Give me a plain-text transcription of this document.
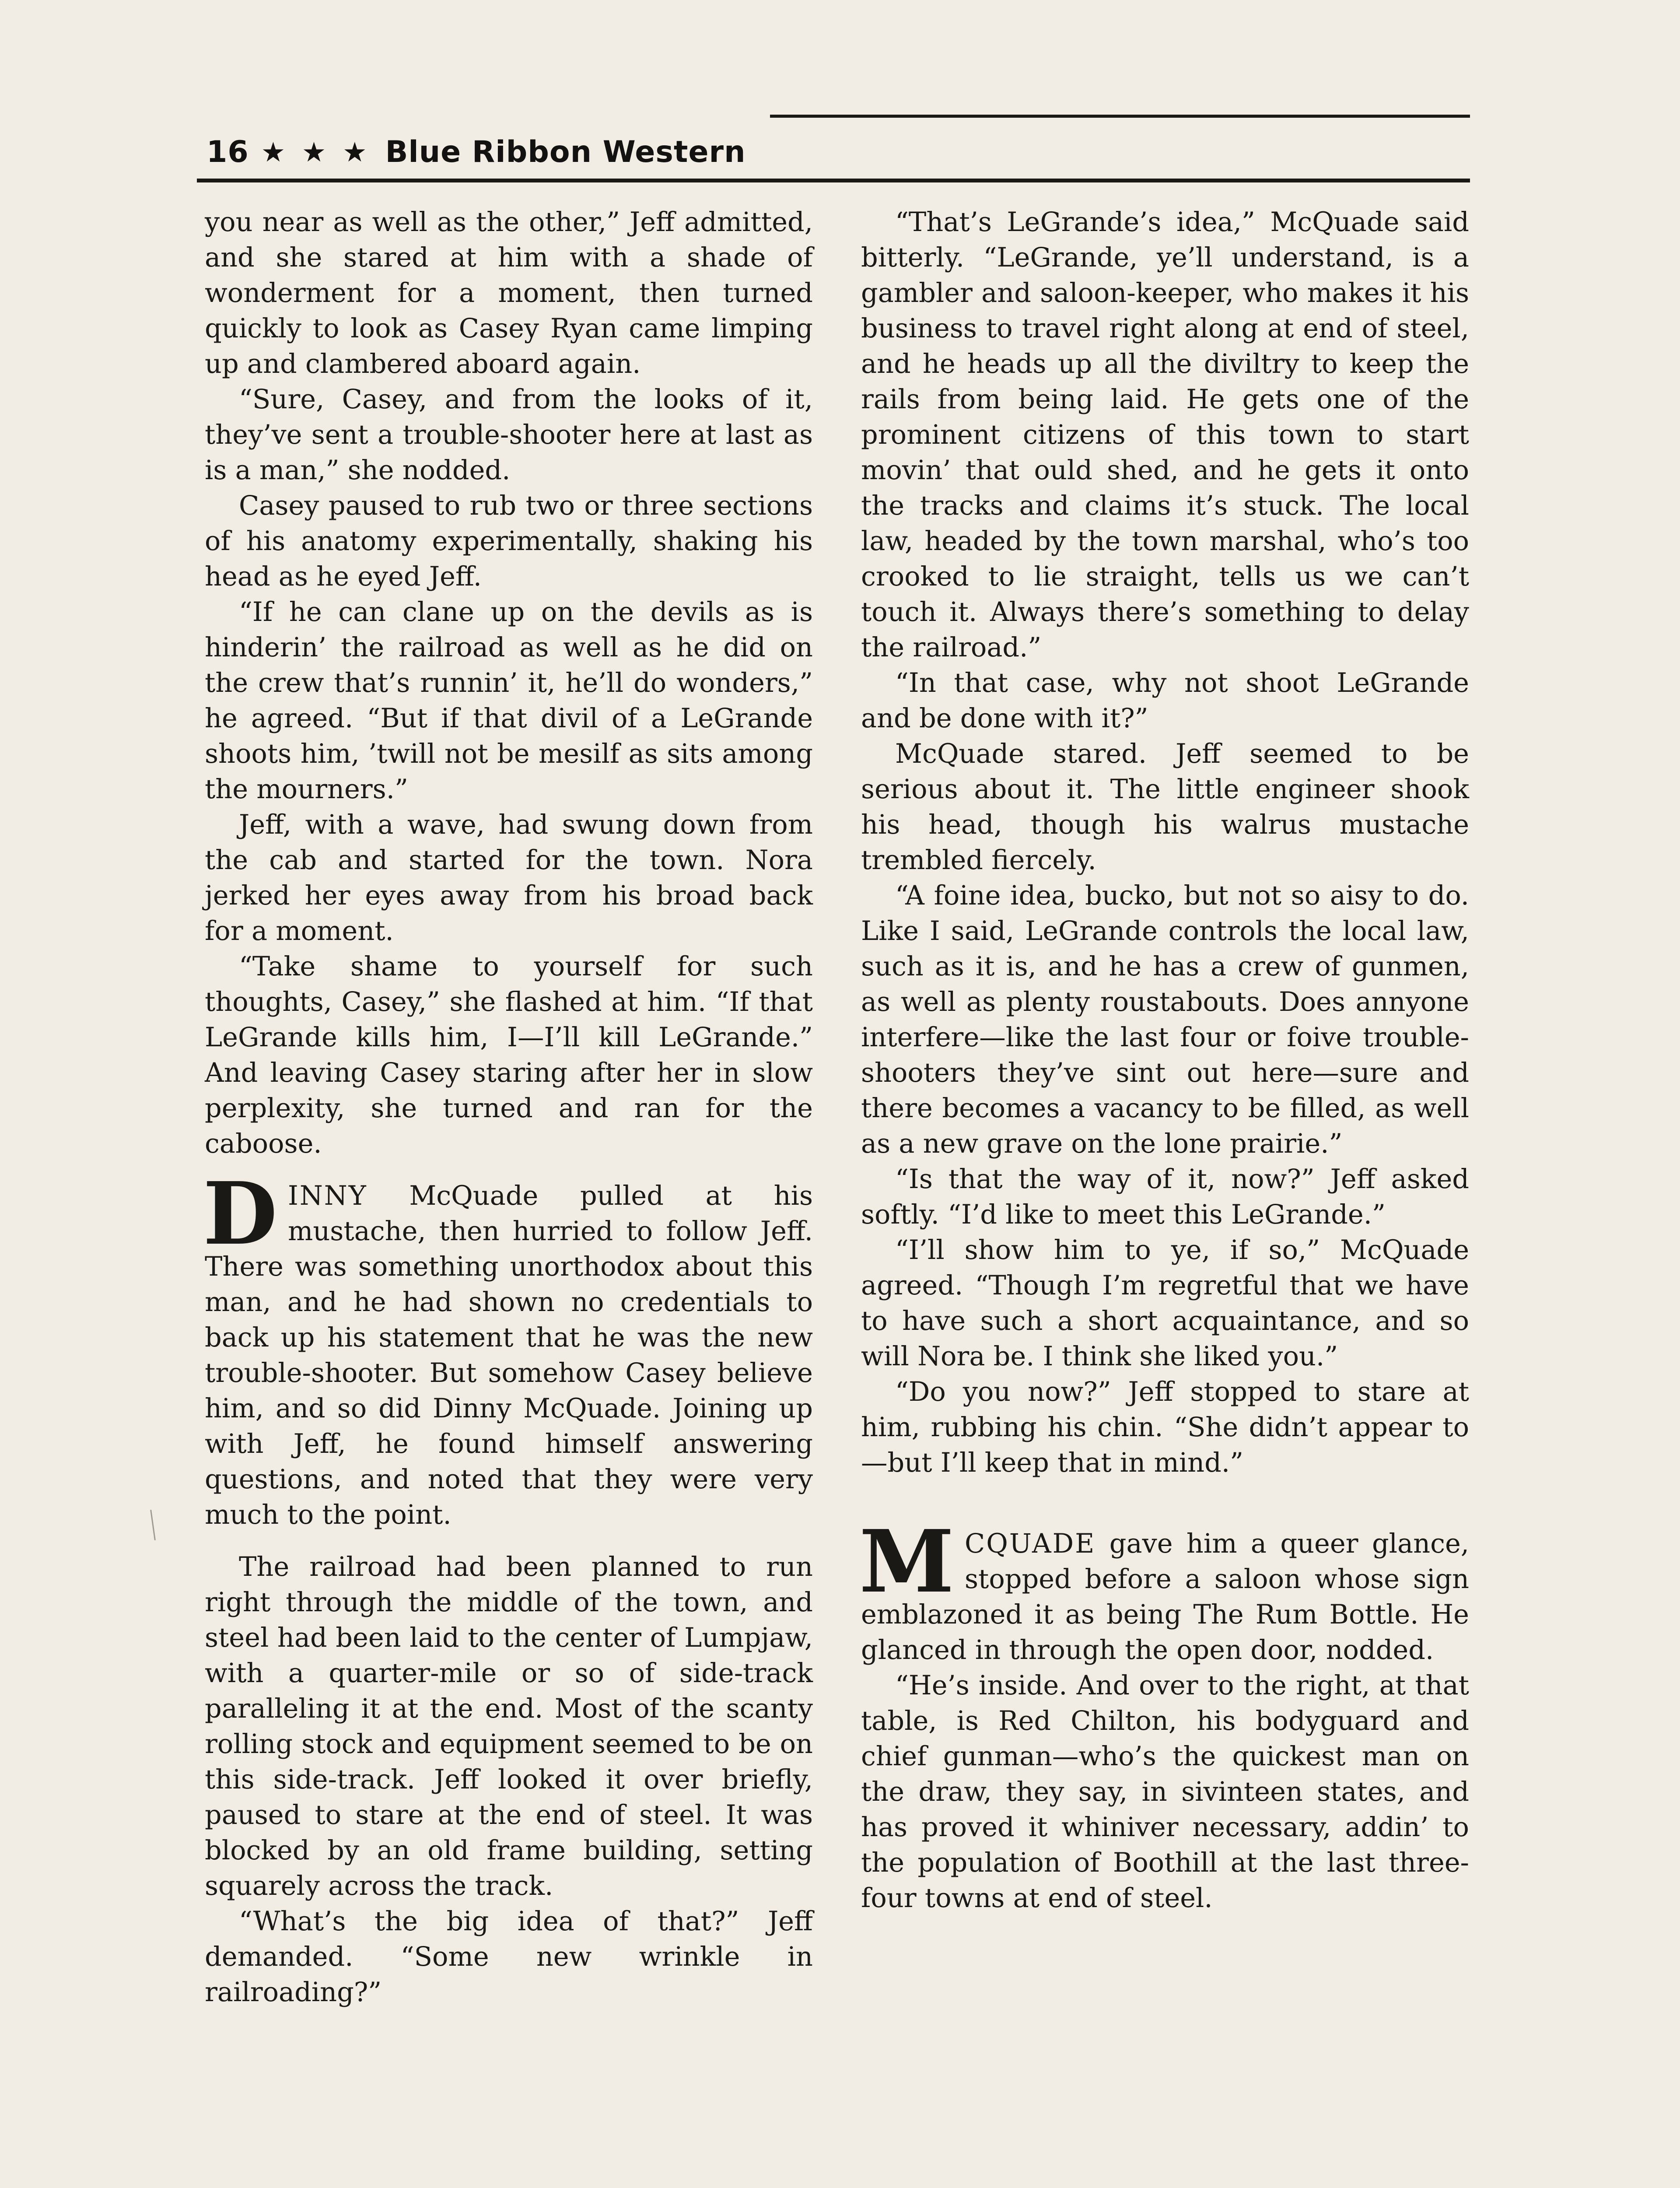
16 ★ ★ ★ Blue Ribbon Western

you near as well as the other,” Jeff admitted, and she stared at him with a shade of wonderment for a moment, then turned quickly to look as Casey Ryan came limping up and clambered aboard again.

“Sure, Casey, and from the looks of it, they’ve sent a trouble-shooter here at last as is a man,” she nodded.

Casey paused to rub two or three sections of his anatomy experimentally, shaking his head as he eyed Jeff.

“If he can clane up on the devils as is hinderin’ the railroad as well as he did on the crew that’s runnin’ it, he’ll do wonders,” he agreed. “But if that divil of a LeGrande shoots him, ’twill not be mesilf as sits among the mourners.”

Jeff, with a wave, had swung down from the cab and started for the town. Nora jerked her eyes away from his broad back for a moment.

“Take shame to yourself for such thoughts, Casey,” she flashed at him. “If that LeGrande kills him, I—I’ll kill LeGrande.” And leaving Casey staring after her in slow perplexity, she turned and ran for the caboose.

DINNY McQuade pulled at his mustache, then hurried to follow Jeff. There was something unorthodox about this man, and he had shown no credentials to back up his statement that he was the new trouble-shooter. But somehow Casey believe him, and so did Dinny McQuade. Joining up with Jeff, he found himself answering questions, and noted that they were very much to the point.

The railroad had been planned to run right through the middle of the town, and steel had been laid to the center of Lumpjaw, with a quarter-mile or so of side-track paralleling it at the end. Most of the scanty rolling stock and equipment seemed to be on this side-track. Jeff looked it over briefly, paused to stare at the end of steel. It was blocked by an old frame building, setting squarely across the track.

“What’s the big idea of that?” Jeff demanded. “Some new wrinkle in railroading?”

“That’s LeGrande’s idea,” McQuade said bitterly. “LeGrande, ye’ll understand, is a gambler and saloon-keeper, who makes it his business to travel right along at end of steel, and he heads up all the diviltry to keep the rails from being laid. He gets one of the prominent citizens of this town to start movin’ that ould shed, and he gets it onto the tracks and claims it’s stuck. The local law, headed by the town marshal, who’s too crooked to lie straight, tells us we can’t touch it. Always there’s something to delay the railroad.”

“In that case, why not shoot LeGrande and be done with it?”

McQuade stared. Jeff seemed to be serious about it. The little engineer shook his head, though his walrus mustache trembled fiercely.

“A foine idea, bucko, but not so aisy to do. Like I said, LeGrande controls the local law, such as it is, and he has a crew of gunmen, as well as plenty roustabouts. Does annyone interfere—like the last four or foive trouble-shooters they’ve sint out here—sure and there becomes a vacancy to be filled, as well as a new grave on the lone prairie.”

“Is that the way of it, now?” Jeff asked softly. “I’d like to meet this LeGrande.”

“I’ll show him to ye, if so,” McQuade agreed. “Though I’m regretful that we have to have such a short acquaintance, and so will Nora be. I think she liked you.”

“Do you now?” Jeff stopped to stare at him, rubbing his chin. “She didn’t appear to—but I’ll keep that in mind.”

MCQUADE gave him a queer glance, stopped before a saloon whose sign emblazoned it as being The Rum Bottle. He glanced in through the open door, nodded.

“He’s inside. And over to the right, at that table, is Red Chilton, his bodyguard and chief gunman—who’s the quickest man on the draw, they say, in sivinteen states, and has proved it whiniver necessary, addin’ to the population of Boothill at the last three-four towns at end of steel.
